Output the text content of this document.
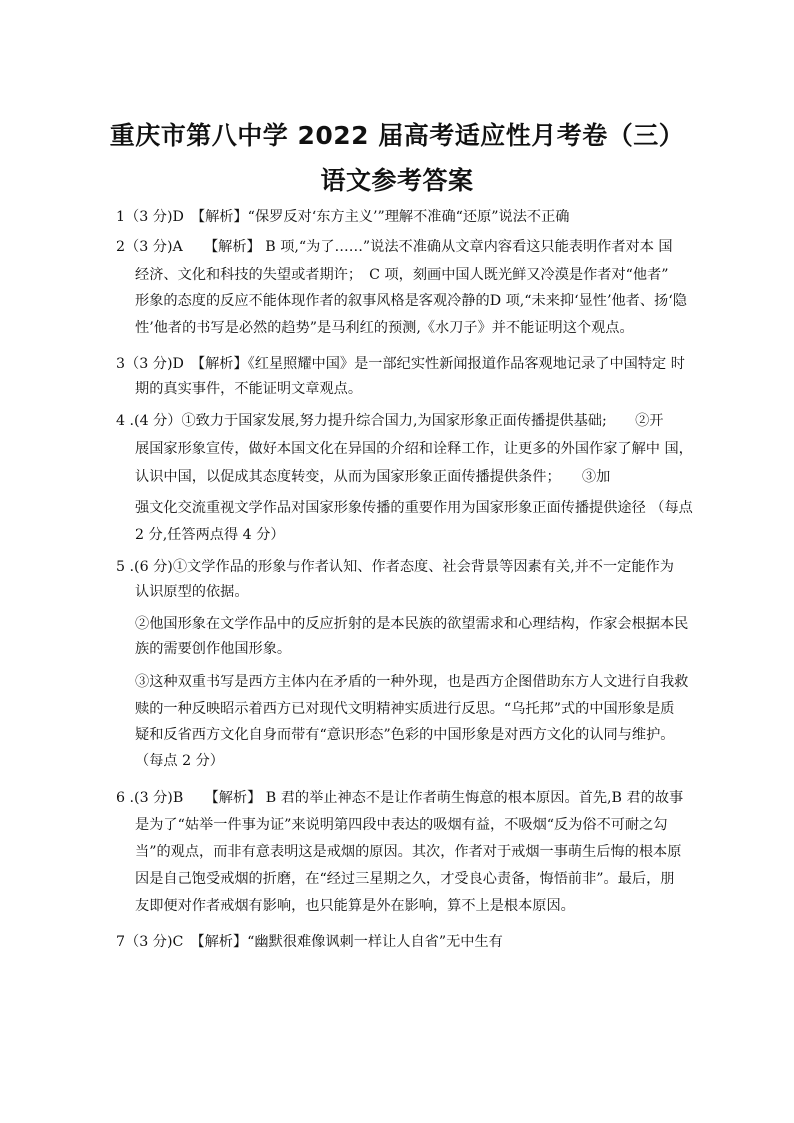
重庆市第八中学 2022 届高考适应性月考卷（三）
语文参考答案
1（3 分)D　【解析】“保罗反对‘东方主义’”理解不准确“还原”说法不正确
2（3 分)A　　【解析】 B 项,“为了……”说法不准确从文章内容看这只能表明作者对本 国
经济、文化和科技的失望或者期许；　C 项，刻画中国人既光鲜又冷漠是作者对“他者”
形象的态度的反应不能体现作者的叙事风格是客观冷静的D 项,“未来抑‘显性’他者、扬‘隐
性’他者的书写是必然的趋势”是马利红的预测,《水刀子》并不能证明这个观点。
3（3 分)D　【解析】《红星照耀中国》是一部纪实性新闻报道作品客观地记录了中国特定 时
期的真实事件，不能证明文章观点。
4 .(4 分）①致力于国家发展,努力提升综合国力,为国家形象正面传播提供基础;　　②开
展国家形象宣传，做好本国文化在异国的介绍和诠释工作，让更多的外国作家了解中 国，
认识中国，以促成其态度转变，从而为国家形象正面传播提供条件；　　③加
强文化交流重视文学作品对国家形象传播的重要作用为国家形象正面传播提供途径 （每点
2 分,任答两点得 4 分）
5 .(6 分)①文学作品的形象与作者认知、作者态度、社会背景等因素有关,并不一定能作为
认识原型的依据。
②他国形象在文学作品中的反应折射的是本民族的欲望需求和心理结构，作家会根据本民
族的需要创作他国形象。
③这种双重书写是西方主体内在矛盾的一种外现，也是西方企图借助东方人文进行自我救
赎的一种反映昭示着西方已对现代文明精神实质进行反思。“乌托邦”式的中国形象是质
疑和反省西方文化自身而带有“意识形态”色彩的中国形象是对西方文化的认同与维护。
（每点 2 分）
6 .(3 分)B　　【解析】 B 君的举止神态不是让作者萌生悔意的根本原因。首先,B 君的故事
是为了“姑举一件事为证”来说明第四段中表达的吸烟有益，不吸烟“反为俗不可耐之勾
当”的观点，而非有意表明这是戒烟的原因。其次，作者对于戒烟一事萌生后悔的根本原
因是自己饱受戒烟的折磨，在“经过三星期之久，才受良心责备，悔悟前非”。最后，朋
友即便对作者戒烟有影响，也只能算是外在影响，算不上是根本原因。
7（3 分)C　【解析】“幽默很难像讽刺一样让人自省”无中生有
